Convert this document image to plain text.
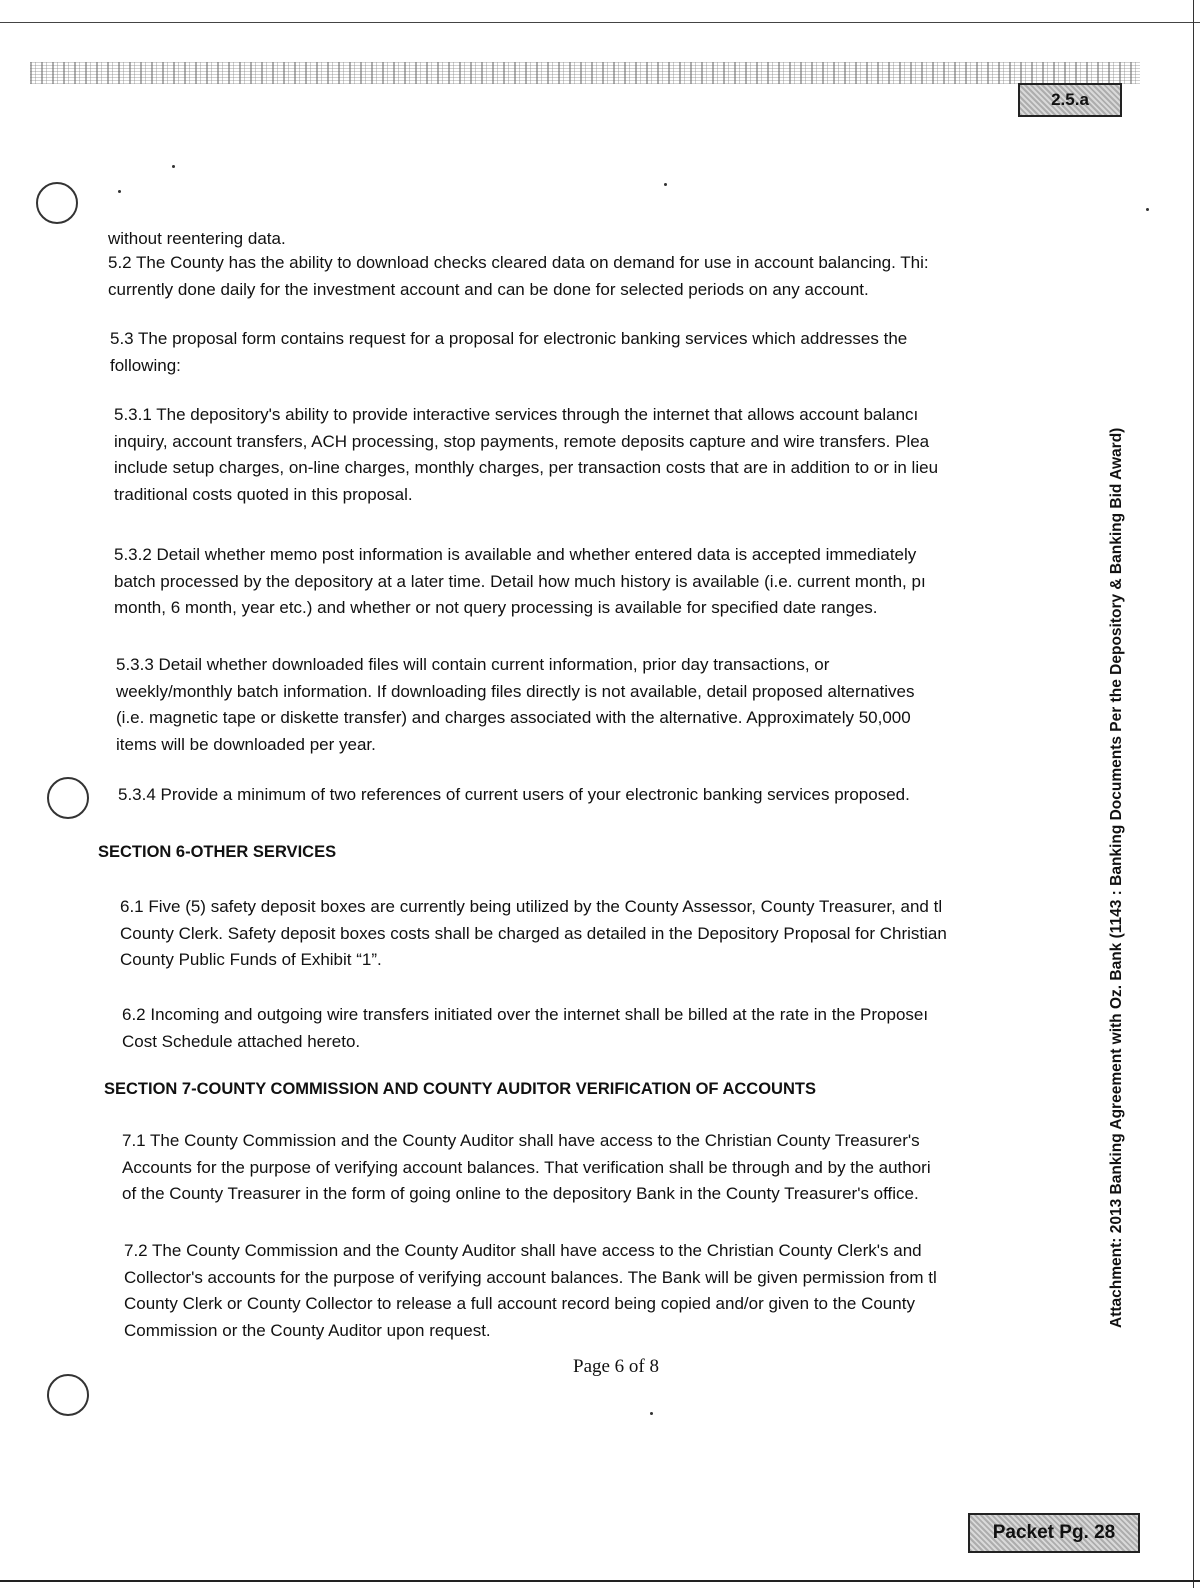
2.5.a
Attachment: 2013 Banking Agreement with Oz. Bank (1143 : Banking Documents Per the Depository & Banking Bid Award)
without reentering data.
5.2 The County has the ability to download checks cleared data on demand for use in account balancing. Thi:
currently done daily for the investment account and can be done for selected periods on any account.
5.3 The proposal form contains request for a proposal for electronic banking services which addresses the
following:
5.3.1 The depository's ability to provide interactive services through the internet that allows account balancı
inquiry, account transfers, ACH processing, stop payments, remote deposits capture and wire transfers. Plea
include setup charges, on-line charges, monthly charges, per transaction costs that are in addition to or in lieu
traditional costs quoted in this proposal.
5.3.2 Detail whether memo post information is available and whether entered data is accepted immediately
batch processed by the depository at a later time. Detail how much history is available (i.e. current month, pı
month, 6 month, year etc.) and whether or not query processing is available for specified date ranges.
5.3.3 Detail whether downloaded files will contain current information, prior day transactions, or
weekly/monthly batch information. If downloading files directly is not available, detail proposed alternatives
(i.e. magnetic tape or diskette transfer) and charges associated with the alternative. Approximately 50,000
items will be downloaded per year.
5.3.4 Provide a minimum of two references of current users of your electronic banking services proposed.
SECTION 6-OTHER SERVICES
6.1 Five (5) safety deposit boxes are currently being utilized by the County Assessor, County Treasurer, and tl
County Clerk. Safety deposit boxes costs shall be charged as detailed in the Depository Proposal for Christian
County Public Funds of Exhibit “1”.
6.2 Incoming and outgoing wire transfers initiated over the internet shall be billed at the rate in the Proposeı
Cost Schedule attached hereto.
SECTION 7-COUNTY COMMISSION AND COUNTY AUDITOR VERIFICATION OF ACCOUNTS
7.1 The County Commission and the County Auditor shall have access to the Christian County Treasurer's
Accounts for the purpose of verifying account balances. That verification shall be through and by the authori
of the County Treasurer in the form of going online to the depository Bank in the County Treasurer's office.
7.2 The County Commission and the County Auditor shall have access to the Christian County Clerk's and
Collector's accounts for the purpose of verifying account balances. The Bank will be given permission from tl
County Clerk or County Collector to release a full account record being copied and/or given to the County
Commission or the County Auditor upon request.
Page 6 of 8
Packet Pg. 28
